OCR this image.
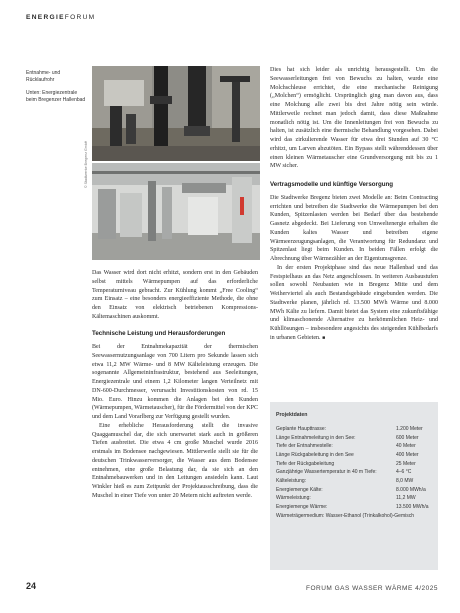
ENERGIEFORUM
Entnahme- und Rücklaufrohr
Unten: Energiezentrale beim Bregenzer Hallenbad
© Stadtwerke Bregenz GmbH

Das Wasser wird dort nicht erhitzt, sondern erst in den Gebäuden selbst mittels Wärmepumpen auf das erforderliche Temperaturniveau gebracht. Zur Kühlung kommt „Free Cooling“ zum Einsatz – eine besonders energieeffiziente Methode, die ohne den Einsatz von elektrisch betriebenen Kompressions-Kältemaschinen auskommt.

Technische Leistung und Herausforderungen

Bei der Entnahmekapazität der thermischen Seewassernutzungsanlage von 700 Litern pro Sekunde lassen sich etwa 11,2 MW Wärme- und 8 MW Kälteleistung erzeugen. Die sogenannte Allgemeininfrastruktur, bestehend aus Seeleitungen, Energiezentrale und einem 1,2 Kilometer langen Verteilnetz mit DN-600-Durchmesser, verursacht Investitionskosten von rd. 15 Mio. Euro. Hinzu kommen die Anlagen bei den Kunden (Wärmepumpen, Wärmetauscher), für die Fördermittel von der KPC und dem Land Vorarlberg zur Verfügung gestellt wurden.

Eine erhebliche Herausforderung stellt die invasive Quaggamuschel dar, die sich unerwartet stark auch in größeren Tiefen ausbreitet. Die etwa 4 cm große Muschel wurde 2016 erstmals im Bodensee nachgewiesen. Mittlerweile stellt sie für die deutschen Trinkwasserversorger, die Wasser aus dem Bodensee entnehmen, eine große Belastung dar, da sie sich an den Entnahmebauwerken und in den Leitungen ansiedeln kann. Laut Winkler hieß es zum Zeitpunkt der Projektausschreibung, dass die Muschel in einer Tiefe von unter 20 Metern nicht auftreten werde.

Dies hat sich leider als unrichtig herausgestellt. Um die Seewasserleitungen frei von Bewuchs zu halten, wurde eine Molchschleuse errichtet, die eine mechanische Reinigung („Molchen“) ermöglicht. Ursprünglich ging man davon aus, dass eine Molchung alle zwei bis drei Jahre nötig sein würde. Mittlerweile rechnet man jedoch damit, dass diese Maßnahme monatlich nötig ist. Um die Innenleitungen frei von Bewuchs zu halten, ist zusätzlich eine thermische Behandlung vorgesehen. Dabei wird das zirkulierende Wasser für etwa drei Stunden auf 30 °C erhitzt, um Larven abzutöten. Ein Bypass stellt währenddessen über einen kleinen Wärmetauscher eine Grundversorgung mit bis zu 1 MW sicher.

Vertragsmodelle und künftige Versorgung

Die Stadtwerke Bregenz bieten zwei Modelle an: Beim Contracting errichten und betreiben die Stadtwerke die Wärmepumpen bei den Kunden, Spitzenlasten werden bei Bedarf über das bestehende Gasnetz abgedeckt. Bei Lieferung von Umweltenergie erhalten die Kunden kaltes Wasser und betreiben eigene Wärmeerzeugungsanlagen, die Verantwortung für Redundanz und Spitzenlast liegt beim Kunden. In beiden Fällen erfolgt die Abrechnung über Wärmezähler an der Eigentumsgrenze.

In der ersten Projektphase sind das neue Hallenbad und das Festspielhaus an das Netz angeschlossen. In weiteren Ausbaustufen sollen sowohl Neubauten wie in Bregenz Mitte und dem Weiherviertel als auch Bestandsgebäude eingebunden werden. Die Stadtwerke planen, jährlich rd. 13.500 MWh Wärme und 8.000 MWh Kälte zu liefern. Damit bietet das System eine zukunftsfähige und klimaschonende Alternative zu herkömmlichen Heiz- und Kühllösungen – insbesondere angesichts des steigenden Kühlbedarfs in urbanen Gebieten. ■

Projektdaten
Geplante Haupttrasse:	1.200 Meter
Länge Entnahmeleitung in den See:	600 Meter
Tiefe der Entnahmestelle:	40 Meter
Länge Rückgabeleitung in den See	400 Meter
Tiefe der Rückgabeleitung	25 Meter
Ganzjährige Wassertemperatur in 40 m Tiefe:	4–6 °C
Kälteleistung:	8,0 MW
Energiemenge Kälte:	8.000 MWh/a
Wärmeleistung:	11,2 MW
Energiemenge Wärme:	13.500 MWh/a
Wärmeträgermedium: Wasser-Ethanol (Trinkalkohol)-Gemisch
24	FORUM GAS WASSER WÄRME 4/2025
